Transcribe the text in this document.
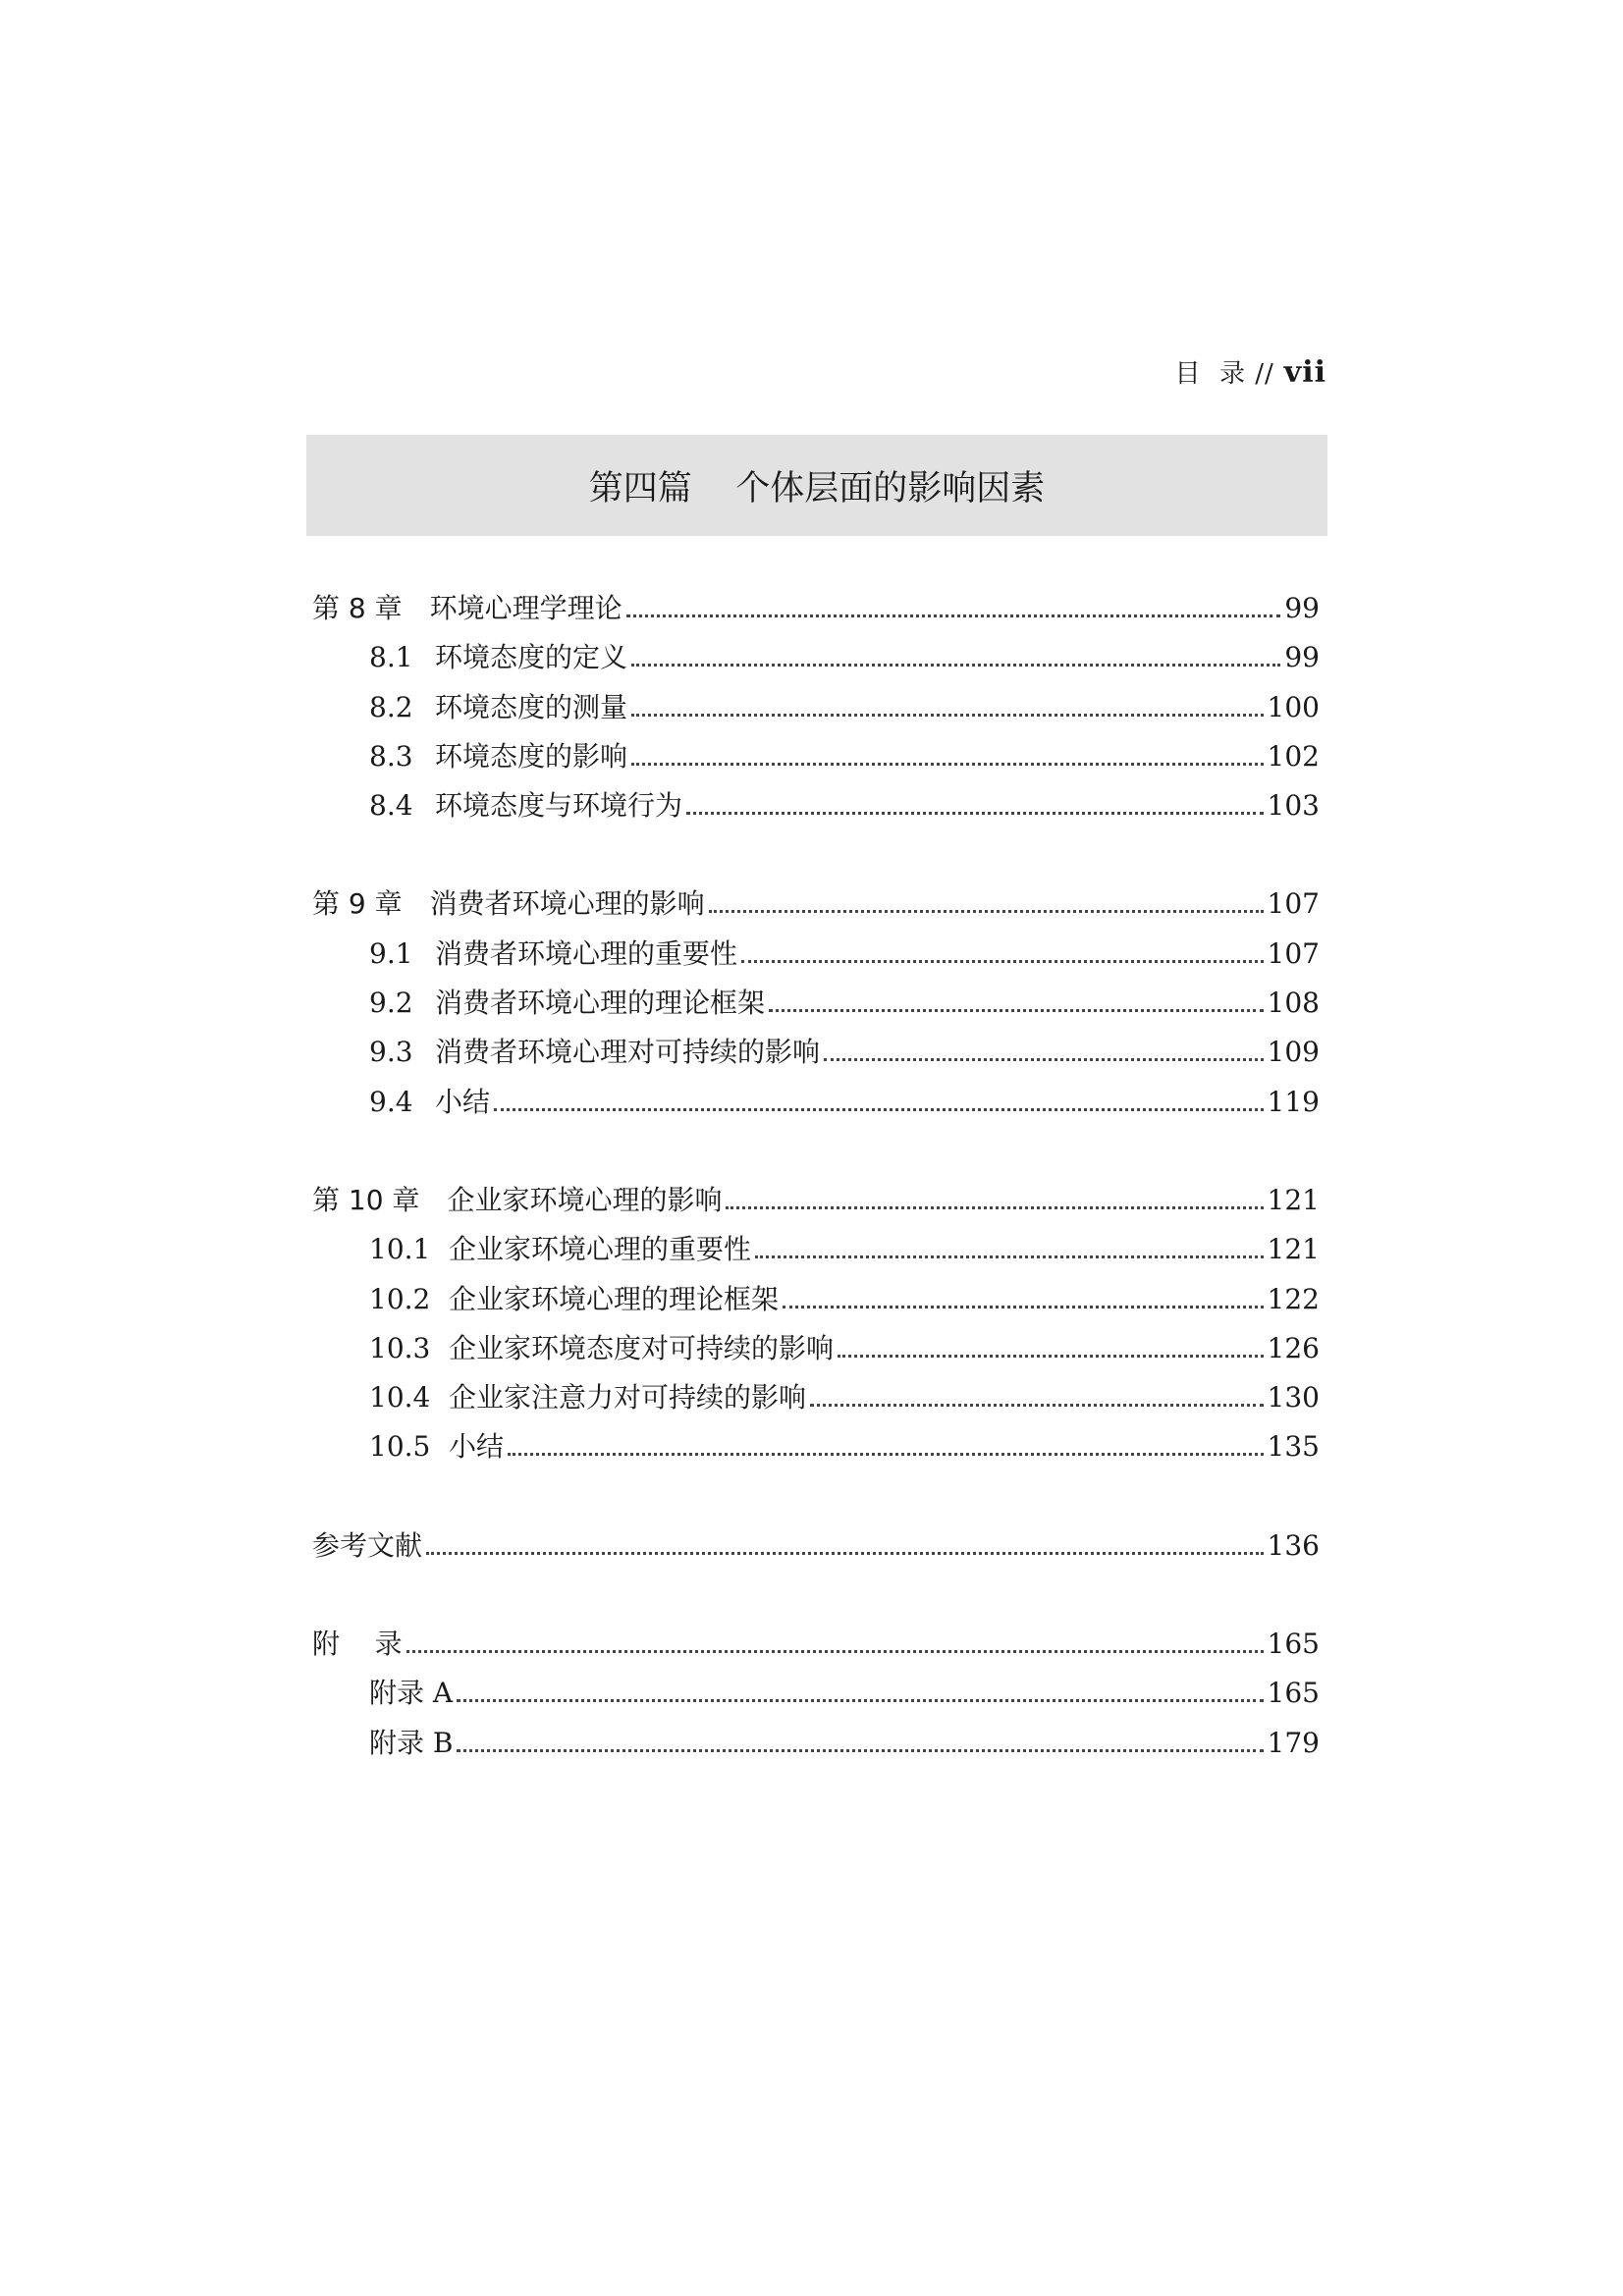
目  录 // vii
第四篇    个体层面的影响因素
第 8 章 环境心理学理论	99
8.1 环境态度的定义	99
8.2 环境态度的测量	100
8.3 环境态度的影响	102
8.4 环境态度与环境行为	103
第 9 章 消费者环境心理的影响	107
9.1 消费者环境心理的重要性	107
9.2 消费者环境心理的理论框架	108
9.3 消费者环境心理对可持续的影响	109
9.4 小结	119
第 10 章 企业家环境心理的影响	121
10.1 企业家环境心理的重要性	121
10.2 企业家环境心理的理论框架	122
10.3 企业家环境态度对可持续的影响	126
10.4 企业家注意力对可持续的影响	130
10.5 小结	135
参考文献	136
附    录	165
附录 A	165
附录 B	179
